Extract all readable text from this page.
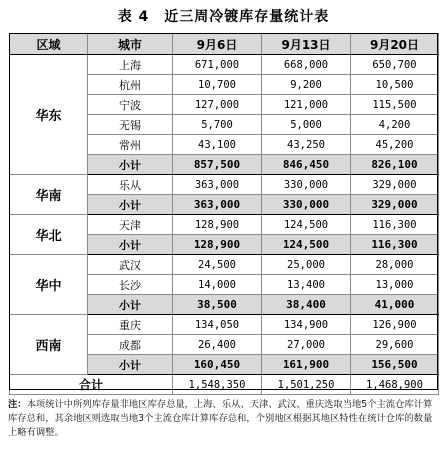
表 4　近三周冷镀库存量统计表
区域	城市	9月6日	9月13日	9月20日
华东	上海	671,000	668,000	650,700
	杭州	10,700	9,200	10,500
	宁波	127,000	121,000	115,500
	无锡	5,700	5,000	4,200
	常州	43,100	43,250	45,200
	小计	857,500	846,450	826,100
华南	乐从	363,000	330,000	329,000
	小计	363,000	330,000	329,000
华北	天津	128,900	124,500	116,300
	小计	128,900	124,500	116,300
华中	武汉	24,500	25,000	28,000
	长沙	14,000	13,400	13,000
	小计	38,500	38,400	41,000
西南	重庆	134,050	134,900	126,900
	成都	26,400	27,000	29,600
	小计	160,450	161,900	156,500
合计		1,548,350	1,501,250	1,468,900
注：本项统计中所列库存量非地区库存总量，上海、乐从、天津、武汉、重庆选取当地5个主流仓库计算库存总和，其余地区则选取当地3个主流仓库计算库存总和，个别地区根据其地区特性在统计仓库的数量上略有调整。
